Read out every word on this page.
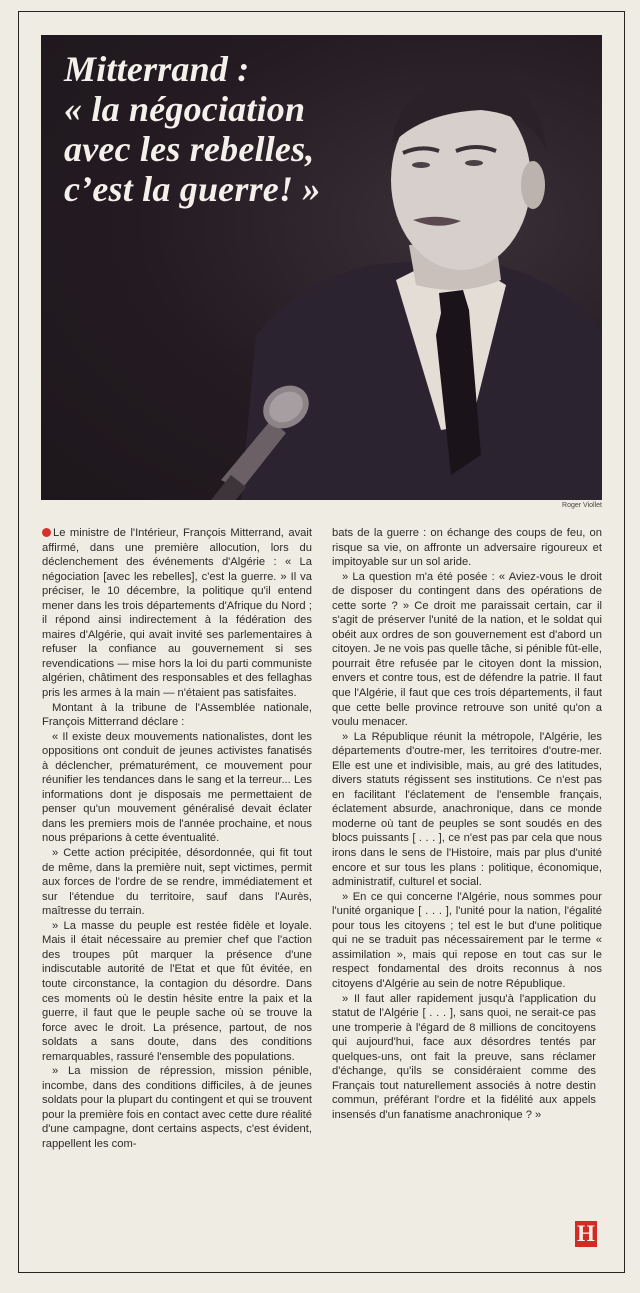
Mitterrand :
« la négociation
avec les rebelles,
c’est la guerre! »
Roger Viollet

Le ministre de l'Intérieur, François Mitterrand, avait affirmé, dans une première allocution, lors du déclenchement des événements d'Algérie : « La négociation [avec les rebelles], c'est la guerre. » Il va préciser, le 10 décembre, la politique qu'il entend mener dans les trois départements d'Afrique du Nord ; il répond ainsi indirectement à la fédération des maires d'Algérie, qui avait invité ses parlementaires à refuser la confiance au gouvernement si ses revendications — mise hors la loi du parti communiste algérien, châtiment des responsables et des fellaghas pris les armes à la main — n'étaient pas satisfaites.

Montant à la tribune de l'Assemblée nationale, François Mitterrand déclare :

« Il existe deux mouvements nationalistes, dont les oppositions ont conduit de jeunes activistes fanatisés à déclencher, prématurément, ce mouvement pour réunifier les tendances dans le sang et la terreur... Les informations dont je disposais me permettaient de penser qu'un mouvement généralisé devait éclater dans les premiers mois de l'année prochaine, et nous nous préparions à cette éventualité.

» Cette action précipitée, désordonnée, qui fit tout de même, dans la première nuit, sept victimes, permit aux forces de l'ordre de se rendre, immédiatement et sur l'étendue du territoire, sauf dans l'Aurès, maîtresse du terrain.

» La masse du peuple est restée fidèle et loyale. Mais il était nécessaire au premier chef que l'action des troupes pût marquer la présence d'une indiscutable autorité de l'Etat et que fût évitée, en toute circonstance, la contagion du désordre. Dans ces moments où le destin hésite entre la paix et la guerre, il faut que le peuple sache où se trouve la force avec le droit. La présence, partout, de nos soldats a sans doute, dans des conditions remarquables, rassuré l'ensemble des populations.

» La mission de répression, mission pénible, incombe, dans des conditions difficiles, à de jeunes soldats pour la plupart du contingent et qui se trouvent pour la première fois en contact avec cette dure réalité d'une campagne, dont certains aspects, c'est évident, rappellent les com-

bats de la guerre : on échange des coups de feu, on risque sa vie, on affronte un adversaire rigoureux et impitoyable sur un sol aride.

» La question m'a été posée : « Aviez-vous le droit de disposer du contingent dans des opérations de cette sorte ? » Ce droit me paraissait certain, car il s'agit de préserver l'unité de la nation, et le soldat qui obéit aux ordres de son gouvernement est d'abord un citoyen. Je ne vois pas quelle tâche, si pénible fût-elle, pourrait être refusée par le citoyen dont la mission, envers et contre tous, est de défendre la patrie. Il faut que l'Algérie, il faut que ces trois départements, il faut que cette belle province retrouve son unité qu'on a voulu menacer.

» La République réunit la métropole, l'Algérie, les départements d'outre-mer, les territoires d'outre-mer. Elle est une et indivisible, mais, au gré des latitudes, divers statuts régissent ses institutions. Ce n'est pas en facilitant l'éclatement de l'ensemble français, éclatement absurde, anachronique, dans ce monde moderne où tant de peuples se sont soudés en des blocs puissants [ . . . ], ce n'est pas par cela que nous irons dans le sens de l'Histoire, mais par plus d'unité encore et sur tous les plans : politique, économique, administratif, culturel et social.

» En ce qui concerne l'Algérie, nous sommes pour l'unité organique [ . . . ], l'unité pour la nation, l'égalité pour tous les citoyens ; tel est le but d'une politique qui ne se traduit pas nécessairement par le terme « assimilation », mais qui repose en tout cas sur le respect fondamental des droits reconnus à nos citoyens d'Algérie au sein de notre République.

» Il faut aller rapidement jusqu'à l'application du statut de l'Algérie [ . . . ], sans quoi, ne serait-ce pas une tromperie à l'égard de 8 millions de concitoyens qui aujourd'hui, face aux désordres tentés par quelques-uns, ont fait la preuve, sans réclamer d'échange, qu'ils se considéraient comme des Français tout naturellement associés à notre destin commun, préférant l'ordre et la fidélité aux appels insensés d'un fanatisme anachronique ? »

H
